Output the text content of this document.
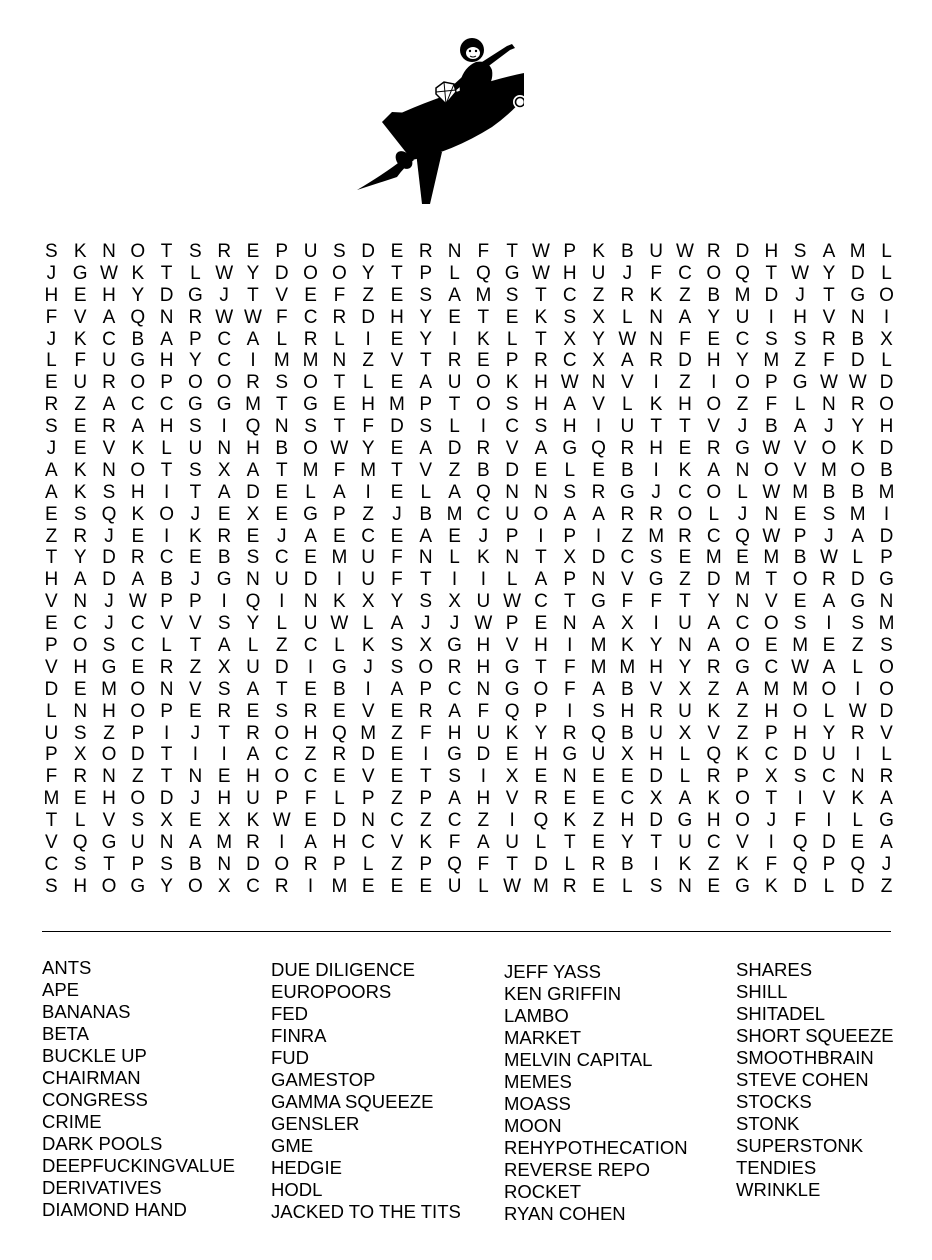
S K N O T S R E P U S D E R N F T W P K B U W R D H S A M L
J G W K T L W Y D O O Y T P L Q G W H U J F C O Q T W Y D L
H E H Y D G J T V E F Z E S A M S T C Z R K Z B M D J T G O
F V A Q N R W W F C R D H Y E T E K S X L N A Y U	I	H V N	I
J K C B A P C A L R L	I	E Y	I	K L T X Y W N F E C S S R B X
L F U G H Y C	I M M N Z V T R E P R C X A R D H Y M Z F D L
E U R O P O O R S O T L E A U O K H W N V	I	Z	I O P G W W D
R Z A C C G G M T G E H M P T O S H A V L K H O Z F L N R O
S E R A H S	I Q N S T F D S L	I	C S H	I	U T T V J B A J Y H
J E V K L U N H B O W Y E A D R V A G Q R H E R G W V O K D
A K N O T S X A T M F M T V Z B D E L E B	I	K A N O V M O B
A K S H	I	T A D E L A	I	E L A Q N N S R G J C O L W M B B M
E S Q K O J E X E G P Z J B M C U O A A R R O L J N E S M I
Z R J E	I	K R E J A E C E A E J P	I	P	I	Z M R C Q W P J A D
T Y D R C E B S C E M U F N L K N T X D C S E M E M B W L P
H A D A B J G N U D	I	U F T	I	I	L A P N V G Z D M T O R D G
V N J W P P	I Q I	N K X Y S X U W C T G F F T Y N V E A G N
E C J C V V S Y L U W L A J	J W P E N A X	I	U A C O S	I	S M
P O S C L T A L Z C L K S X G H V H	I M K Y N A O E M E Z S
V H G E R Z X U D	I G J S O R H G T F M M H Y R G C W A L O
D E M O N V S A T E B	I	A P C N G O F A B V X Z A M M O I O
L N H O P E R E S R E V E R A F Q P	I	S H R U K Z H O L W D
U S Z P	I	J T R O H Q M Z F H U K Y R Q B U X V Z P H Y R V
P X O D T	I	I	A C Z R D E	I G D E H G U X H L Q K C D U	I	L
F R N Z T N E H O C E V E T S	I	X E N E E D L R P X S C N R
M E H O D J H U P F L P Z P A H V R E E C X A K O T	I	V K A
T L V S X E X K W E D N C Z C Z	I Q K Z H D G H O J F	I	L G
V Q G U N A M R	I	A H C V K F A U L T E Y T U C V	I Q D E A
C S T P S B N D O R P L Z P Q F T D L R B	I	K Z K F Q P Q J
S H O G Y O X C R	I M E E E U L W M R E L S N E G K D L D Z
ANTS
APE
BANANAS
BETA
BUCKLE UP
CHAIRMAN
CONGRESS
CRIME
DARK POOLS
DEEPFUCKINGVALUE
DERIVATIVES
DIAMOND HAND
DUE DILIGENCE
EUROPOORS
FED
FINRA
FUD
GAMESTOP
GAMMA SQUEEZE
GENSLER
GME
HEDGIE
HODL
JACKED TO THE TITS
JEFF YASS
KEN GRIFFIN
LAMBO
MARKET
MELVIN CAPITAL
MEMES
MOASS
MOON
REHYPOTHECATION
REVERSE REPO
ROCKET
RYAN COHEN
SHARES
SHILL
SHITADEL
SHORT SQUEEZE
SMOOTHBRAIN
STEVE COHEN
STOCKS
STONK
SUPERSTONK
TENDIES
WRINKLE
